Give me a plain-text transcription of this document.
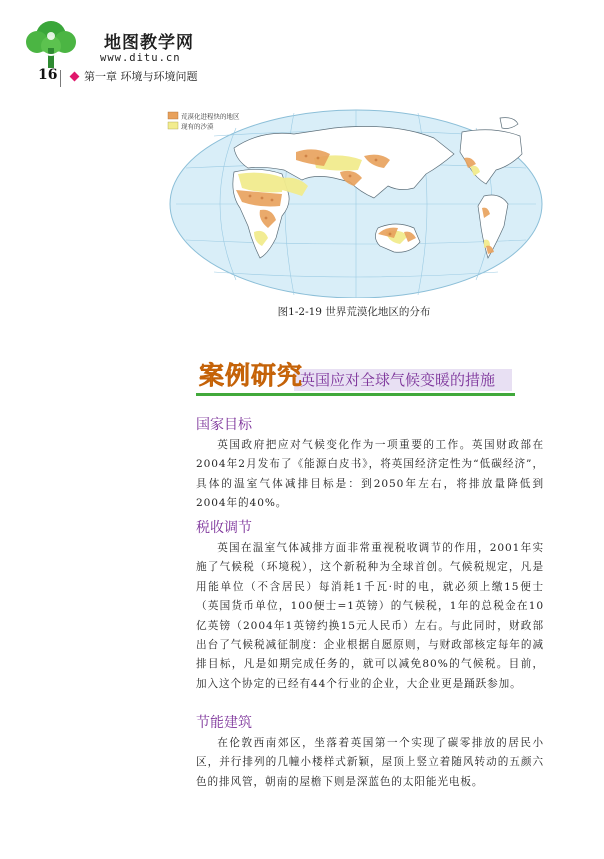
地图教学网
www.ditu.cn
16 第一章 环境与环境问题
荒漠化进程快的地区
现有的沙漠
图1-2-19 世界荒漠化地区的分布
案例研究
英国应对全球气候变暖的措施
国家目标
英国政府把应对气候变化作为一项重要的工作。英国财政部在2004年2月发布了《能源白皮书》，将英国经济定性为“低碳经济”，具体的温室气体减排目标是：到2050年左右，将排放量降低到2004年的40%。
税收调节
英国在温室气体减排方面非常重视税收调节的作用，2001年实施了气候税（环境税），这个新税种为全球首创。气候税规定，凡是用能单位（不含居民）每消耗1千瓦·时的电，就必须上缴15便士（英国货币单位，100便士=1英镑）的气候税，1年的总税金在10亿英镑（2004年1英镑约换15元人民币）左右。与此同时，财政部出台了气候税减征制度：企业根据自愿原则，与财政部核定每年的减排目标，凡是如期完成任务的，就可以减免80%的气候税。目前，加入这个协定的已经有44个行业的企业，大企业更是踊跃参加。
节能建筑
在伦敦西南郊区，坐落着英国第一个实现了碳零排放的居民小区，并行排列的几幢小楼样式新颖，屋顶上竖立着随风转动的五颜六色的排风管，朝南的屋檐下则是深蓝色的太阳能光电板。
